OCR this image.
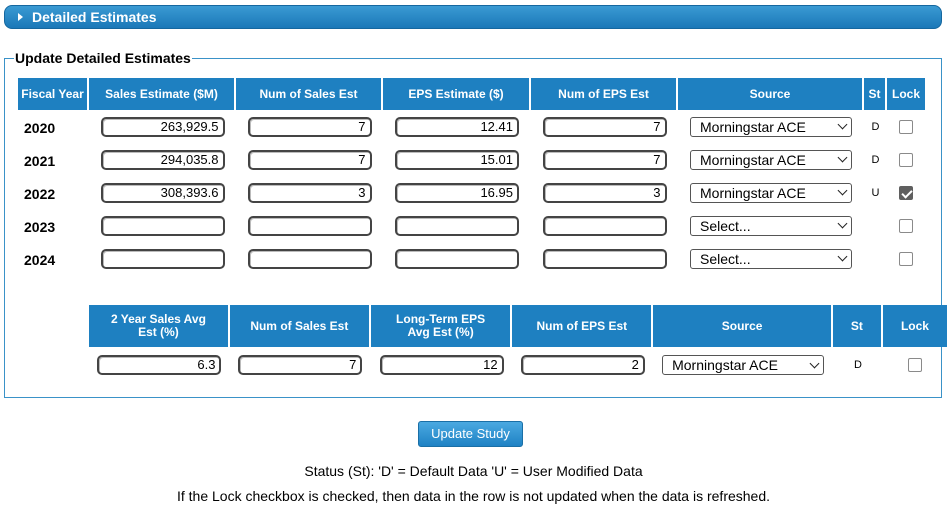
Detailed Estimates
Update Detailed Estimates
Fiscal Year	Sales Estimate ($M)	Num of Sales Est	EPS Estimate ($)	Num of EPS Est	Source	St	Lock
2020	263,929.5	7	12.41	7	Morningstar ACE	D	

2021	294,035.8	7	15.01	7	Morningstar ACE	D	

2022	308,393.6	3	16.95	3	Morningstar ACE	U	

2023					Select...		

2024					Select...		

2 Year Sales Avg Est (%)	Num of Sales Est	Long-Term EPS Avg Est (%)	Num of EPS Est	Source	St	Lock

6.3	7	12	2	Morningstar ACE	D	
Update Study
Status (St): 'D' = Default Data 'U' = User Modified Data
If the Lock checkbox is checked, then data in the row is not updated when the data is refreshed.
